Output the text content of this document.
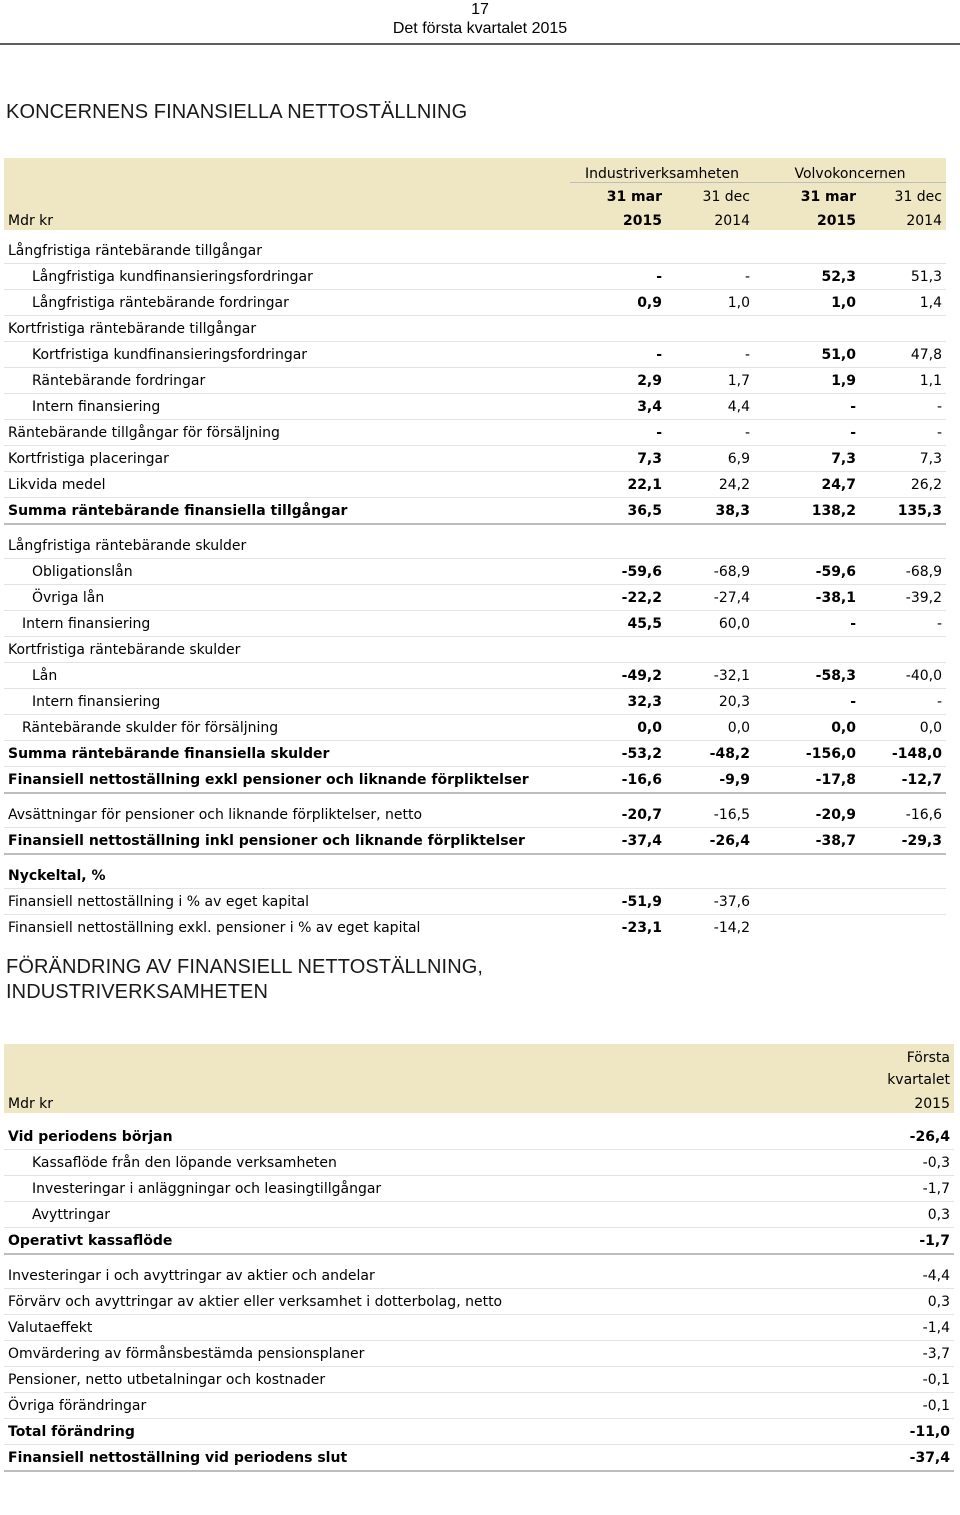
17
Det första kvartalet 2015
KONCERNENS FINANSIELLA NETTOSTÄLLNING
	Industriverksamheten		Volvokoncernen	
	31 mar	31 dec	31 mar	31 dec
Mdr kr	2015	2014	2015	2014

Långfristiga räntebärande tillgångar				
Långfristiga kundfinansieringsfordringar	-	-	52,3	51,3
Långfristiga räntebärande fordringar	0,9	1,0	1,0	1,4
Kortfristiga räntebärande tillgångar				
Kortfristiga kundfinansieringsfordringar	-	-	51,0	47,8
Räntebärande fordringar	2,9	1,7	1,9	1,1
Intern finansiering	3,4	4,4	-	-
Räntebärande tillgångar för försäljning	-	-	-	-
Kortfristiga placeringar	7,3	6,9	7,3	7,3
Likvida medel	22,1	24,2	24,7	26,2
Summa räntebärande finansiella tillgångar	36,5	38,3	138,2	135,3

Långfristiga räntebärande skulder				
Obligationslån	-59,6	-68,9	-59,6	-68,9
Övriga lån	-22,2	-27,4	-38,1	-39,2
Intern finansiering	45,5	60,0	-	-
Kortfristiga räntebärande skulder				
Lån	-49,2	-32,1	-58,3	-40,0
Intern finansiering	32,3	20,3	-	-
Räntebärande skulder för försäljning	0,0	0,0	0,0	0,0
Summa räntebärande finansiella skulder	-53,2	-48,2	-156,0	-148,0
Finansiell nettoställning exkl pensioner och liknande förpliktelser	-16,6	-9,9	-17,8	-12,7

Avsättningar för pensioner och liknande förpliktelser, netto	-20,7	-16,5	-20,9	-16,6
Finansiell nettoställning inkl pensioner och liknande förpliktelser	-37,4	-26,4	-38,7	-29,3

Nyckeltal, %				
Finansiell nettoställning i % av eget kapital	-51,9	-37,6		
Finansiell nettoställning exkl. pensioner i % av eget kapital	-23,1	-14,2		
FÖRÄNDRING AV FINANSIELL NETTOSTÄLLNING,
INDUSTRIVERKSAMHETEN
	Första
	kvartalet
Mdr kr	2015

Vid periodens början	-26,4
Kassaflöde från den löpande verksamheten	-0,3
Investeringar i anläggningar och leasingtillgångar	-1,7
Avyttringar	0,3
Operativt kassaflöde	-1,7

Investeringar i och avyttringar av aktier och andelar	-4,4
Förvärv och avyttringar av aktier eller verksamhet i dotterbolag, netto	0,3
Valutaeffekt	-1,4
Omvärdering av förmånsbestämda pensionsplaner	-3,7
Pensioner, netto utbetalningar och kostnader	-0,1
Övriga förändringar	-0,1
Total förändring	-11,0
Finansiell nettoställning vid periodens slut	-37,4
